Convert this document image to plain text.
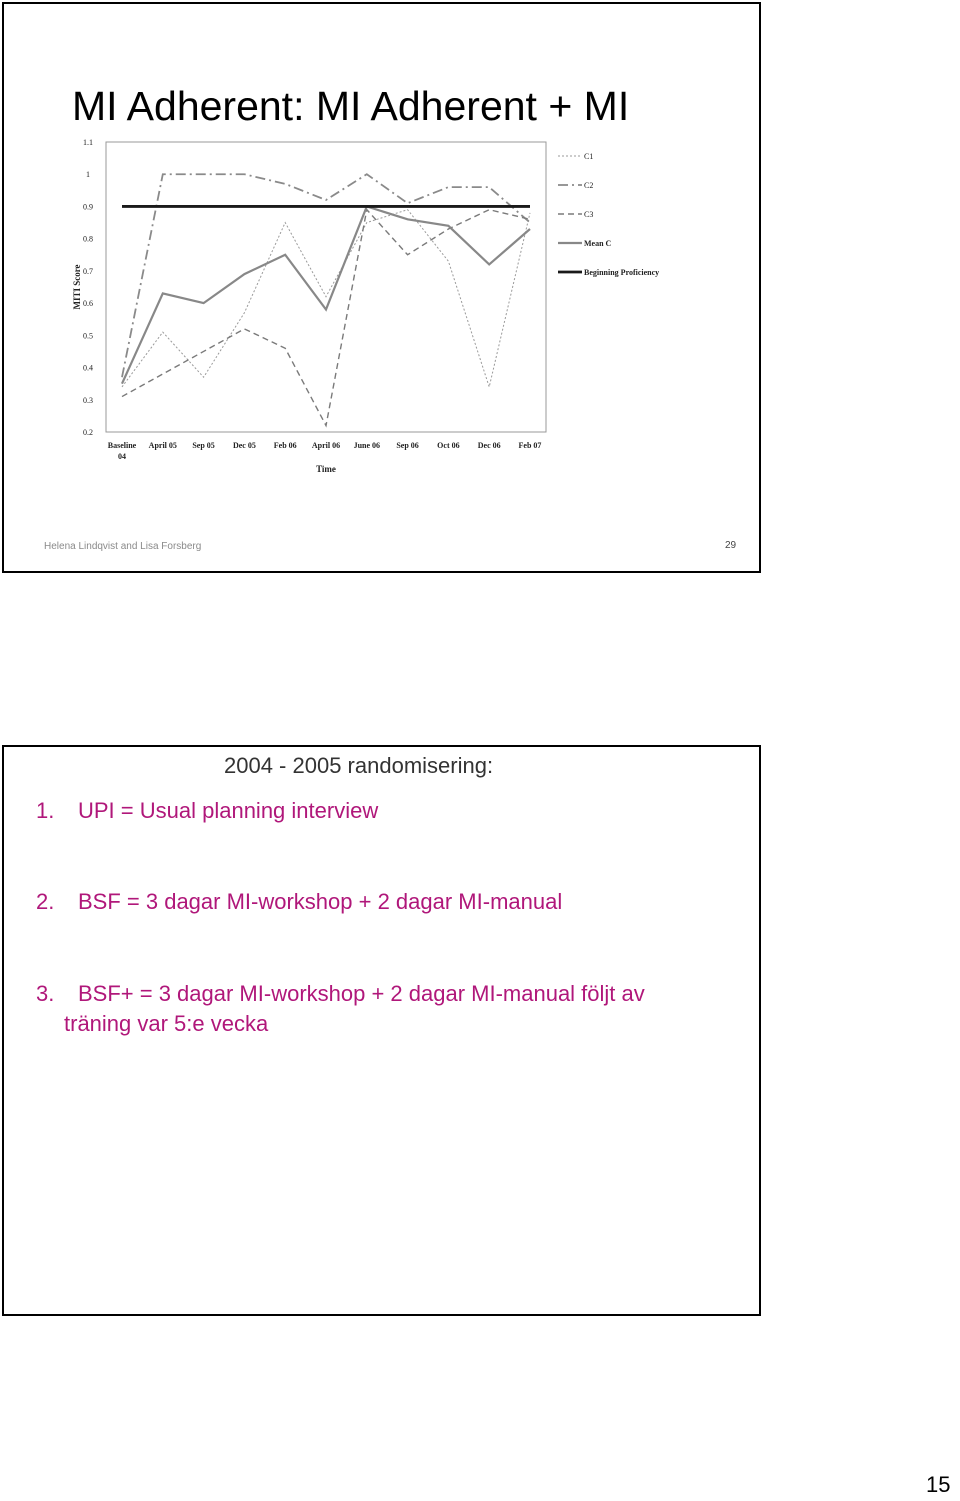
MI Adherent: MI Adherent + MI
1.1
1
0.9
0.8
0.7
0.6
0.5
0.4
0.3
0.2
Baseline
04
April 05 Sep 05 Dec 05 Feb 06 April 06 June 06 Sep 06 Oct 06 Dec 06 Feb 07
Time
MITI Score
C1
C2
C3
Mean C
Beginning Proficiency
Helena Lindqvist and Lisa Forsberg	29
2004 - 2005 randomisering:
1. UPI = Usual planning interview
2. BSF = 3 dagar MI-workshop + 2 dagar MI-manual
3. BSF+ = 3 dagar MI-workshop + 2 dagar MI-manual följt av
träning var 5:e vecka
15
